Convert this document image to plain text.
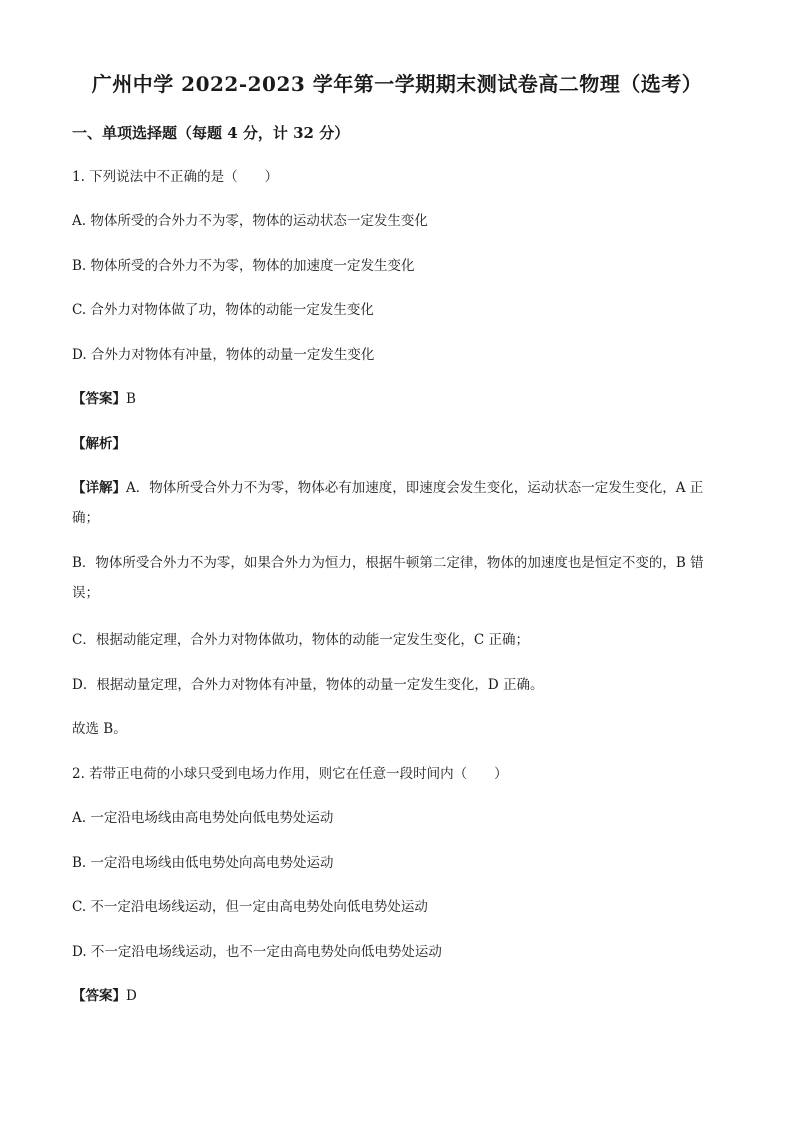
广州中学 2022-2023 学年第一学期期末测试卷高二物理（选考）
一、单项选择题（每题 4 分，计 32 分）
1. 下列说法中不正确的是（　　）
A. 物体所受的合外力不为零，物体的运动状态一定发生变化
B. 物体所受的合外力不为零，物体的加速度一定发生变化
C. 合外力对物体做了功，物体的动能一定发生变化
D. 合外力对物体有冲量，物体的动量一定发生变化
【答案】B
【解析】
【详解】A．物体所受合外力不为零，物体必有加速度，即速度会发生变化，运动状态一定发生变化，A 正确；
B．物体所受合外力不为零，如果合外力为恒力，根据牛顿第二定律，物体的加速度也是恒定不变的，B 错误；
C．根据动能定理，合外力对物体做功，物体的动能一定发生变化，C 正确；
D．根据动量定理，合外力对物体有冲量，物体的动量一定发生变化，D 正确。
故选 B。
2. 若带正电荷的小球只受到电场力作用，则它在任意一段时间内（　　）
A. 一定沿电场线由高电势处向低电势处运动
B. 一定沿电场线由低电势处向高电势处运动
C. 不一定沿电场线运动，但一定由高电势处向低电势处运动
D. 不一定沿电场线运动，也不一定由高电势处向低电势处运动
【答案】D
